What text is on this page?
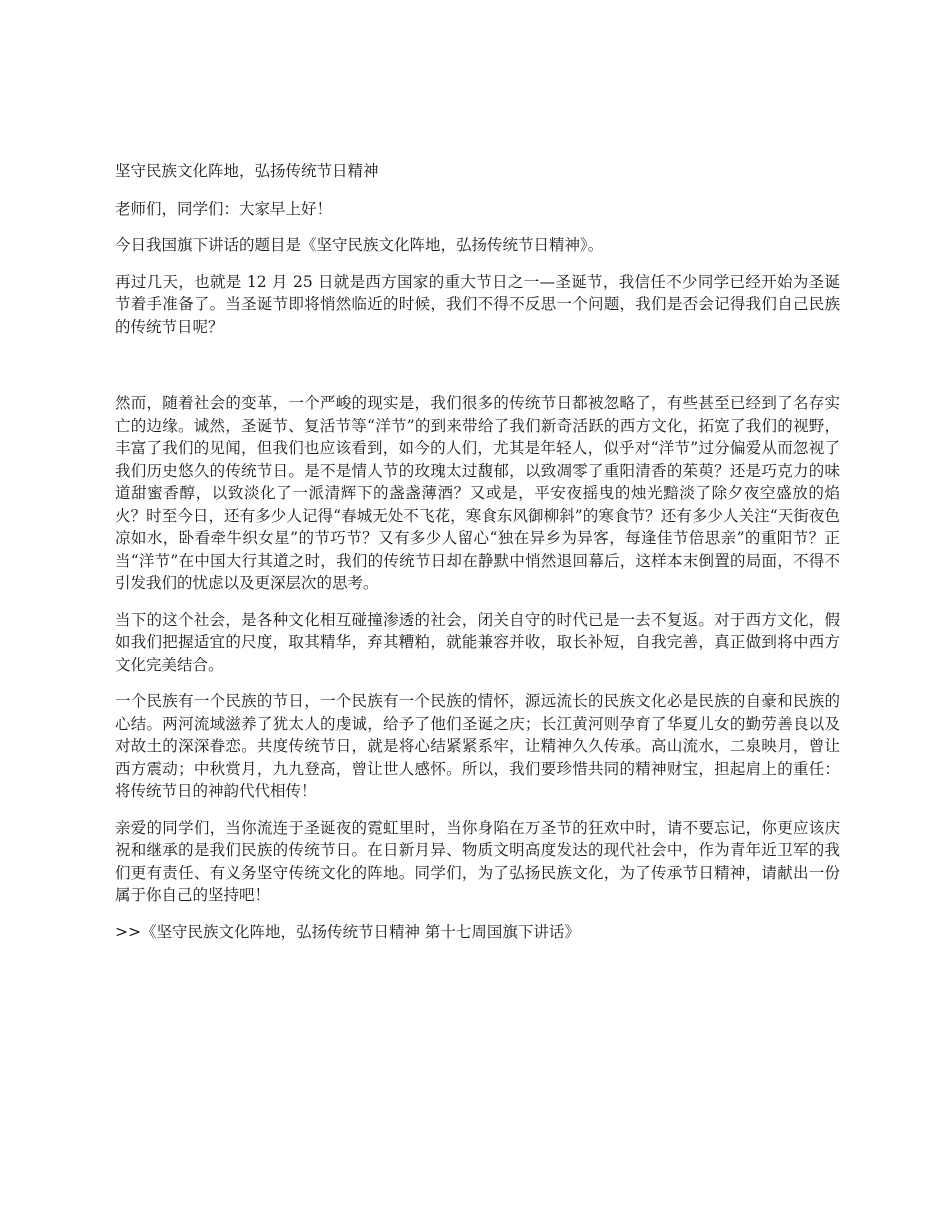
坚守民族文化阵地，弘扬传统节日精神

老师们，同学们：大家早上好！

今日我国旗下讲话的题目是《坚守民族文化阵地，弘扬传统节日精神》。

再过几天，也就是 12 月 25 日就是西方国家的重大节日之一—圣诞节，我信任不少同学已经开始为圣诞节着手准备了。当圣诞节即将悄然临近的时候，我们不得不反思一个问题，我们是否会记得我们自己民族的传统节日呢？

然而，随着社会的变革，一个严峻的现实是，我们很多的传统节日都被忽略了，有些甚至已经到了名存实亡的边缘。诚然，圣诞节、复活节等“洋节”的到来带给了我们新奇活跃的西方文化，拓宽了我们的视野，丰富了我们的见闻，但我们也应该看到，如今的人们，尤其是年轻人，似乎对“洋节”过分偏爱从而忽视了我们历史悠久的传统节日。是不是情人节的玫瑰太过馥郁，以致凋零了重阳清香的茱萸？还是巧克力的味道甜蜜香醇，以致淡化了一派清辉下的盏盏薄酒？又或是，平安夜摇曳的烛光黯淡了除夕夜空盛放的焰火？时至今日，还有多少人记得“春城无处不飞花，寒食东风御柳斜”的寒食节？还有多少人关注“天街夜色凉如水，卧看牵牛织女星”的节巧节？又有多少人留心“独在异乡为异客，每逢佳节倍思亲”的重阳节？正当“洋节”在中国大行其道之时，我们的传统节日却在静默中悄然退回幕后，这样本末倒置的局面，不得不引发我们的忧虑以及更深层次的思考。

当下的这个社会，是各种文化相互碰撞渗透的社会，闭关自守的时代已是一去不复返。对于西方文化，假如我们把握适宜的尺度，取其精华，弃其糟粕，就能兼容并收，取长补短，自我完善，真正做到将中西方文化完美结合。

一个民族有一个民族的节日，一个民族有一个民族的情怀，源远流长的民族文化必是民族的自豪和民族的心结。两河流域滋养了犹太人的虔诚，给予了他们圣诞之庆；长江黄河则孕育了华夏儿女的勤劳善良以及对故土的深深眷恋。共度传统节日，就是将心结紧紧系牢，让精神久久传承。高山流水，二泉映月，曾让西方震动；中秋赏月，九九登高，曾让世人感怀。所以，我们要珍惜共同的精神财宝，担起肩上的重任：将传统节日的神韵代代相传！

亲爱的同学们，当你流连于圣诞夜的霓虹里时，当你身陷在万圣节的狂欢中时，请不要忘记，你更应该庆祝和继承的是我们民族的传统节日。在日新月异、物质文明高度发达的现代社会中，作为青年近卫军的我们更有责任、有义务坚守传统文化的阵地。同学们，为了弘扬民族文化，为了传承节日精神，请献出一份属于你自己的坚持吧！

>>《坚守民族文化阵地，弘扬传统节日精神 第十七周国旗下讲话》
